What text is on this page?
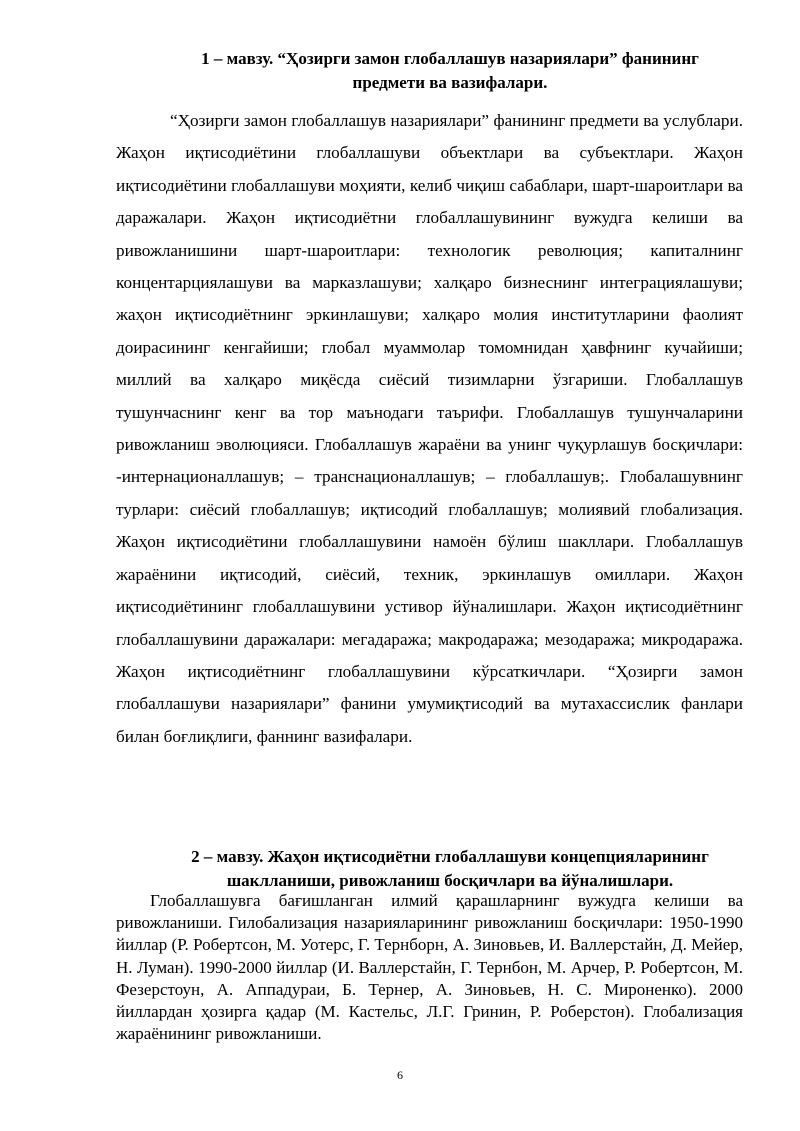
1 – мавзу. “Ҳозирги замон глобаллашув назариялари” фанининг
предмети ва вазифалари.

“Ҳозирги замон глобаллашув назариялари” фанининг предмети ва услублари. Жаҳон иқтисодиётини глобаллашуви объектлари ва субъектлари. Жаҳон иқтисодиётини глобаллашуви моҳияти, келиб чиқиш сабаблари, шарт-шароитлари ва даражалари. Жаҳон иқтисодиётни глобаллашувининг вужудга келиши ва ривожланишини шарт-шароитлари: технологик революция; капиталнинг концентарциялашуви ва марказлашуви; халқаро бизнеснинг интеграциялашуви; жаҳон иқтисодиётнинг эркинлашуви; халқаро молия институтларини фаолият доирасининг кенгайиши; глобал муаммолар томомнидан ҳавфнинг кучайиши; миллий ва халқаро миқёсда сиёсий тизимларни ўзгариши. Глобаллашув тушунчаснинг кенг ва тор маънодаги таърифи. Глобаллашув тушунчаларини ривожланиш эволюцияси. Глобаллашув жараёни ва унинг чуқурлашув босқичлари: -интернационаллашув; – транснационаллашув; – глобаллашув;. Глобалашувнинг турлари: сиёсий глобаллашув; иқтисодий глобаллашув; молиявий глобализация. Жаҳон иқтисодиётини глобаллашувини намоён бўлиш шакллари. Глобаллашув жараёнини иқтисодий, сиёсий, техник, эркинлашув омиллари. Жаҳон иқтисодиётининг глобаллашувини устивор йўналишлари. Жаҳон иқтисодиётнинг глобаллашувини даражалари: мегадаража; макродаража; мезодаража; микродаража. Жаҳон иқтисодиётнинг глобаллашувини кўрсаткичлари. “Ҳозирги замон глобаллашуви назариялари” фанини умумиқтисодий ва мутахассислик фанлари билан боғлиқлиги, фаннинг вазифалари.

2 – мавзу. Жаҳон иқтисодиётни глобаллашуви концепцияларининг
шаклланиши, ривожланиш босқичлари ва йўналишлари.

Глобаллашувга бағишланган илмий қарашларнинг вужудга келиши ва ривожланиши. Гилобализация назарияларининг ривожланиш босқичлари: 1950-1990 йиллар (Р. Робертсон, М. Уотерс, Г. Тернборн, А. Зиновьев, И. Валлерстайн, Д. Мейер, Н. Луман). 1990-2000 йиллар (И. Валлерстайн, Г. Тернбон, М. Арчер, Р. Робертсон, М. Фезерстоун, А. Аппадураи, Б. Тернер, А. Зиновьев, Н. С. Мироненко). 2000 йиллардан ҳозирга қадар (М. Кастельс, Л.Г. Гринин, Р. Роберстон). Глобализация жараёнининг ривожланиши.

6
